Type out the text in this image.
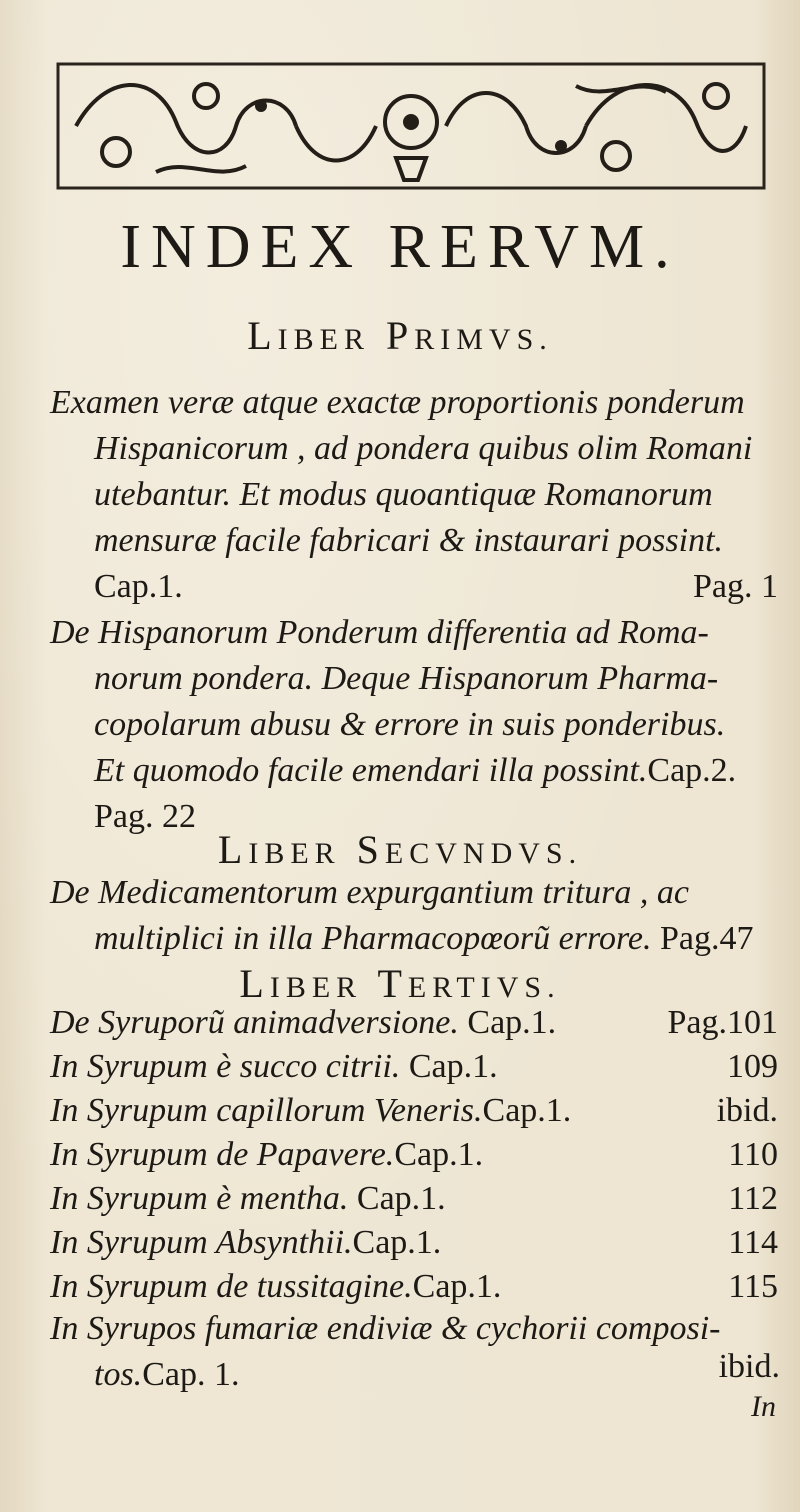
INDEX RERVM.
LIBER PRIMVS.
Examen veræ atque exactæ proportionis ponderum
Hispanicorum , ad pondera quibus olim Romani
utebantur. Et modus quoantiquæ Romanorum
mensuræ facile fabricari & instaurari possint.
Cap.1.	Pag. 1
De Hispanorum Ponderum differentia ad Roma-
norum pondera. Deque Hispanorum Pharma-
copolarum abusu & errore in suis ponderibus.
Et quomodo facile emendari illa possint.Cap.2.
Pag. 22
LIBER SECVNDVS.
De Medicamentorum expurgantium tritura , ac
multiplici in illa Pharmacopœorũ errore. Pag.47
LIBER TERTIVS.
De Syruporũ animadversione. Cap.1.	Pag.101
In Syrupum è succo citrii. Cap.1.	109
In Syrupum capillorum Veneris.Cap.1.	ibid.
In Syrupum de Papavere.Cap.1.	110
In Syrupum è mentha. Cap.1.	112
In Syrupum Absynthii.Cap.1.	114
In Syrupum de tussitagine.Cap.1.	115
In Syrupos fumariæ endiviæ & cychorii composi-
tos.Cap. 1.	ibid.
In
